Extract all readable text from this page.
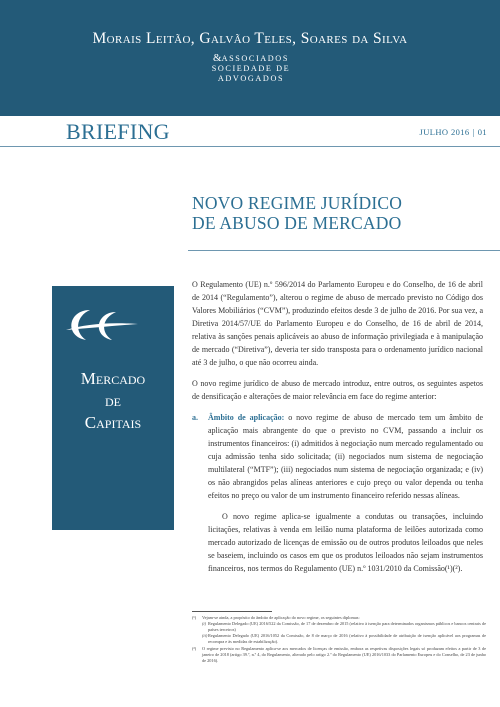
Morais Leitão, Galvão Teles, Soares da Silva
&ASSOCIADOS
SOCIEDADE DE
ADVOGADOS
BRIEFING	JULHO 2016 | 01
NOVO REGIME JURÍDICO
DE ABUSO DE MERCADO
Mercado
de
Capitais

O Regulamento (UE) n.º 596/2014 do Parlamento Europeu e do Conselho, de 16 de abril de 2014 (“Regulamento”), alterou o regime de abuso de mercado previsto no Código dos Valores Mobiliários (“CVM”), produzindo efeitos desde 3 de julho de 2016. Por sua vez, a Diretiva 2014/57/UE do Parlamento Europeu e do Conselho, de 16 de abril de 2014, relativa às sanções penais aplicáveis ao abuso de informação privilegiada e à manipulação de mercado (“Diretiva”), deveria ter sido transposta para o ordenamento jurídico nacional até 3 de julho, o que não ocorreu ainda.

O novo regime jurídico de abuso de mercado introduz, entre outros, os seguintes aspetos de densificação e alterações de maior relevância em face do regime anterior:

a. Âmbito de aplicação: o novo regime de abuso de mercado tem um âmbito de aplicação mais abrangente do que o previsto no CVM, passando a incluir os instrumentos financeiros: (i) admitidos à negociação num mercado regulamentado ou cuja admissão tenha sido solicitada; (ii) negociados num sistema de negociação multilateral (“MTF”); (iii) negociados num sistema de negociação organizada; e (iv) os não abrangidos pelas alíneas anteriores e cujo preço ou valor dependa ou tenha efeitos no preço ou valor de um instrumento financeiro referido nessas alíneas.

O novo regime aplica-se igualmente a condutas ou transações, incluindo licitações, relativas à venda em leilão numa plataforma de leilões autorizada como mercado autorizado de licenças de emissão ou de outros produtos leiloados que neles se baseiem, incluindo os casos em que os produtos leiloados não sejam instrumentos financeiros, nos termos do Regulamento (UE) n.º 1031/2010 da Comissão(¹)(²).

(¹) Vejam-se ainda, a propósito do âmbito de aplicação do novo regime, os seguintes diplomas:
(i) Regulamento Delegado (UE) 2016/522 da Comissão, de 17 de dezembro de 2015 (relativo à isenção para determinados organismos públicos e bancos centrais de países terceiros)
(ii) Regulamento Delegado (UE) 2016/1052 da Comissão, de 8 de março de 2016 (relativo à possibilidade de atribuição de isenção aplicável aos programas de recompra e às medidas de estabilização).
(²) O regime previsto no Regulamento aplica-se aos mercados de licenças de emissão, embora as respetivas disposições legais só produzam efeitos a partir de 3 de janeiro de 2018 (artigo 39.º, n.º 4, do Regulamento, alterado pelo artigo 2.º do Regulamento (UE) 2016/1033 do Parlamento Europeu e do Conselho, de 23 de junho de 2016).
